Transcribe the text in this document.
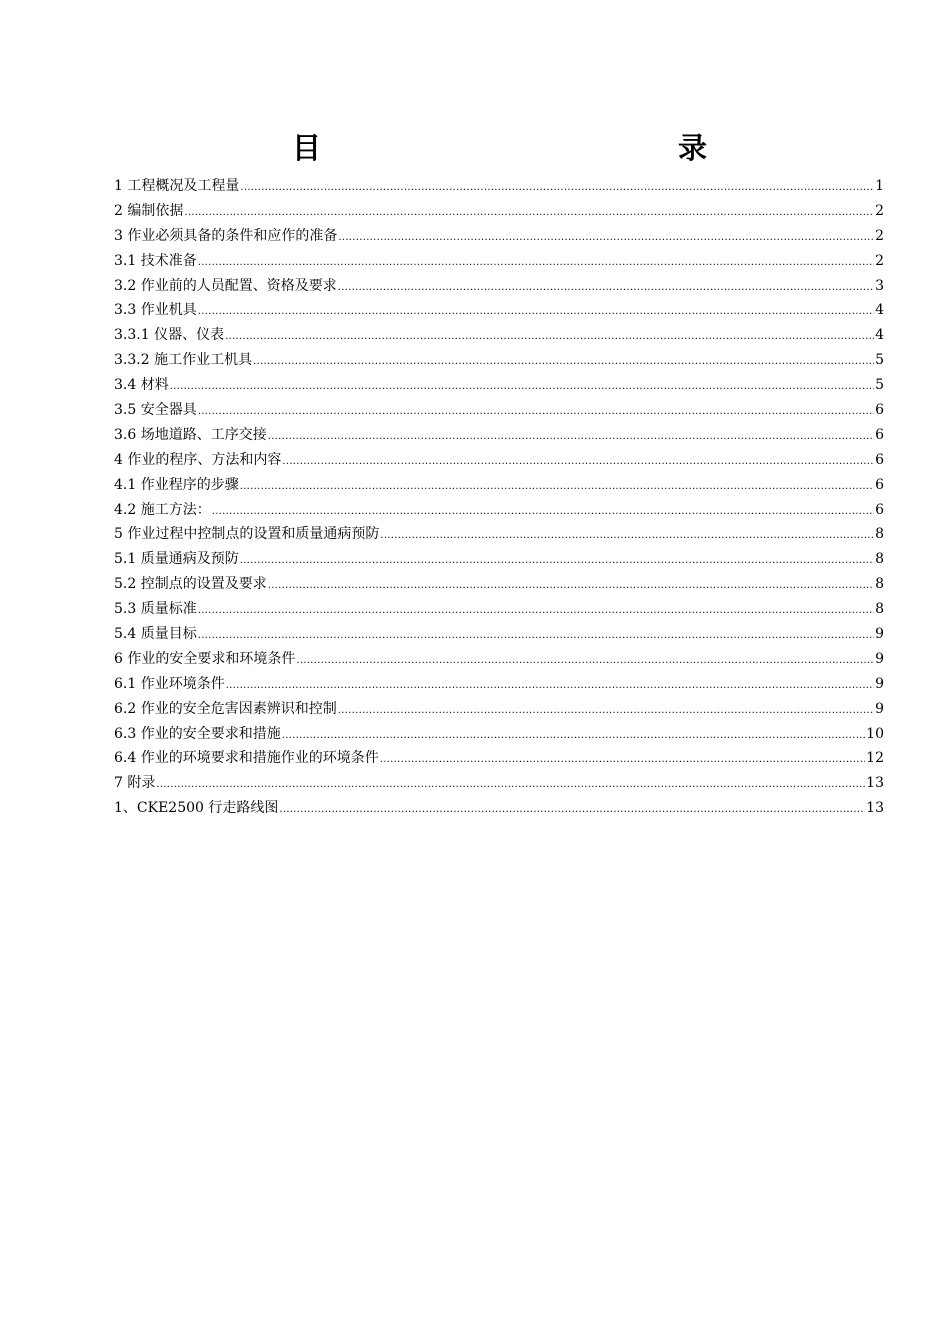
目	录
1 工程概况及工程量 .....	1
2 编制依据 .....	2
3 作业必须具备的条件和应作的准备 .....	2
3.1 技术准备 .....	2
3.2 作业前的人员配置、资格及要求 .....	3
3.3 作业机具 .....	4
3.3.1 仪器、仪表 .....	4
3.3.2 施工作业工机具 .....	5
3.4 材料 .....	5
3.5 安全器具 .....	6
3.6 场地道路、工序交接 .....	6
4 作业的程序、方法和内容 .....	6
4.1 作业程序的步骤 .....	6
4.2 施工方法： .....	6
5 作业过程中控制点的设置和质量通病预防 .....	8
5.1 质量通病及预防 .....	8
5.2 控制点的设置及要求 .....	8
5.3 质量标准 .....	8
5.4 质量目标 .....	9
6 作业的安全要求和环境条件 .....	9
6.1 作业环境条件 .....	9
6.2 作业的安全危害因素辨识和控制 .....	9
6.3 作业的安全要求和措施 .....	10
6.4 作业的环境要求和措施作业的环境条件 .....	12
7 附录 .....	13
1、CKE2500 行走路线图 .....	13
